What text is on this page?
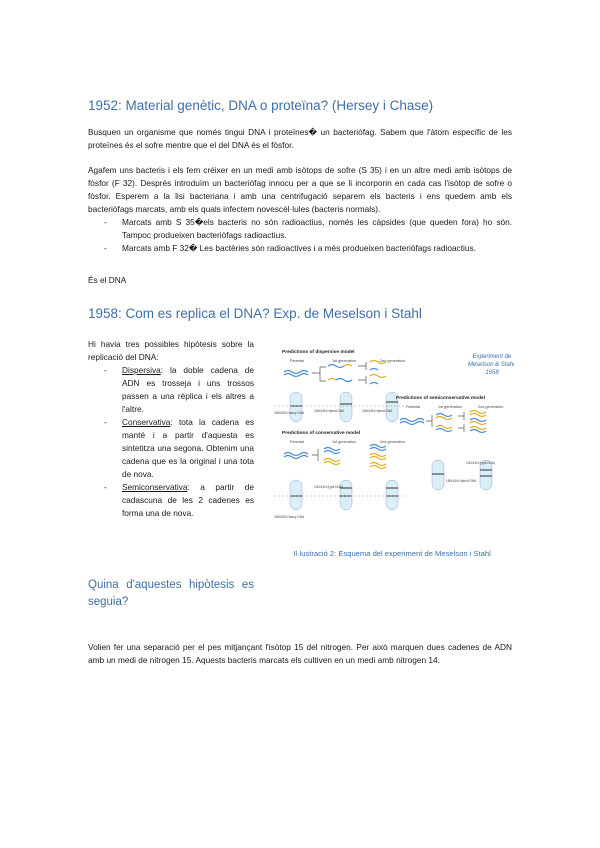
1952: Material genètic, DNA o proteïna? (Hersey i Chase)

Busquen un organisme que només tingui DNA i proteïnes� un bacteriòfag. Sabem que l'àtom específic de les proteïnes és el sofre mentre que el del DNA és el fòsfor.

Agafem uns bacteris i els fem créixer en un medi amb isòtops de sofre (S 35) i en un altre medi amb isòtops de fòsfor (F 32). Després introduïm un bacteriòfag innocu per a que se li incorporin en cada cas l'isòtop de sofre o fòsfor. Esperem a la lisi bacteriana i amb una centrifugació separem els bacteris i ens quedem amb els bacteriòfags marcats, amb els quals infectem novescèl·lules (bacteris normals).

- Marcats amb S 35�els bacteris no són radioactius, només les càpsides (que queden fora) ho són. Tampoc produeixen bacteriòfags radioactius.
- Marcats amb F 32� Les bactèries són radioactives i a més produeixen bacteriòfags radioactius.

És el DNA

1958: Com es replica el DNA? Exp. de Meselson i Stahl

Hi havia tres possibles hipòtesis sobre la replicació del DNA:

- Dispersiva: la doble cadena de ADN es trosseja i uns trossos passen a una rèplica i els altres a l'altre.
- Conservativa: tota la cadena es manté i a partir d'aquesta es sintetitza una segona. Obtenim una cadena que es la original i una tota de nova.
- Semiconservativa: a partir de cadascuna de les 2 cadenes es forma una de nova.
Experiment de
Meselson & Stahl,
1958
Predictions of dispersive model
Parental	1st generation	2nd generation
15N/15N Heavy DNA	15N/14N Hybrid DNA	15N/14N Hybrid DNA
Predictions of semiconservative model
Parental	1st generation	2nd generation
15N/14N Hybrid DNA
14N/14N (light DNA)
Predictions of conservative model
Parental	1st generation	2nd generation
15N/15N Heavy DNA
14N/14N (light DNA)
Il·lustració 2: Esquema del experiment de Meselson i Stahl
Quina d'aquestes hipòtesis es seguia?

Volien fer una separació per el pes mitjançant l'isòtop 15 del nitrogen. Per això marquen dues cadenes de ADN amb un medi de nitrogen 15. Aquests bacteris marcats els cultiven en un medi amb nitrogen 14.
